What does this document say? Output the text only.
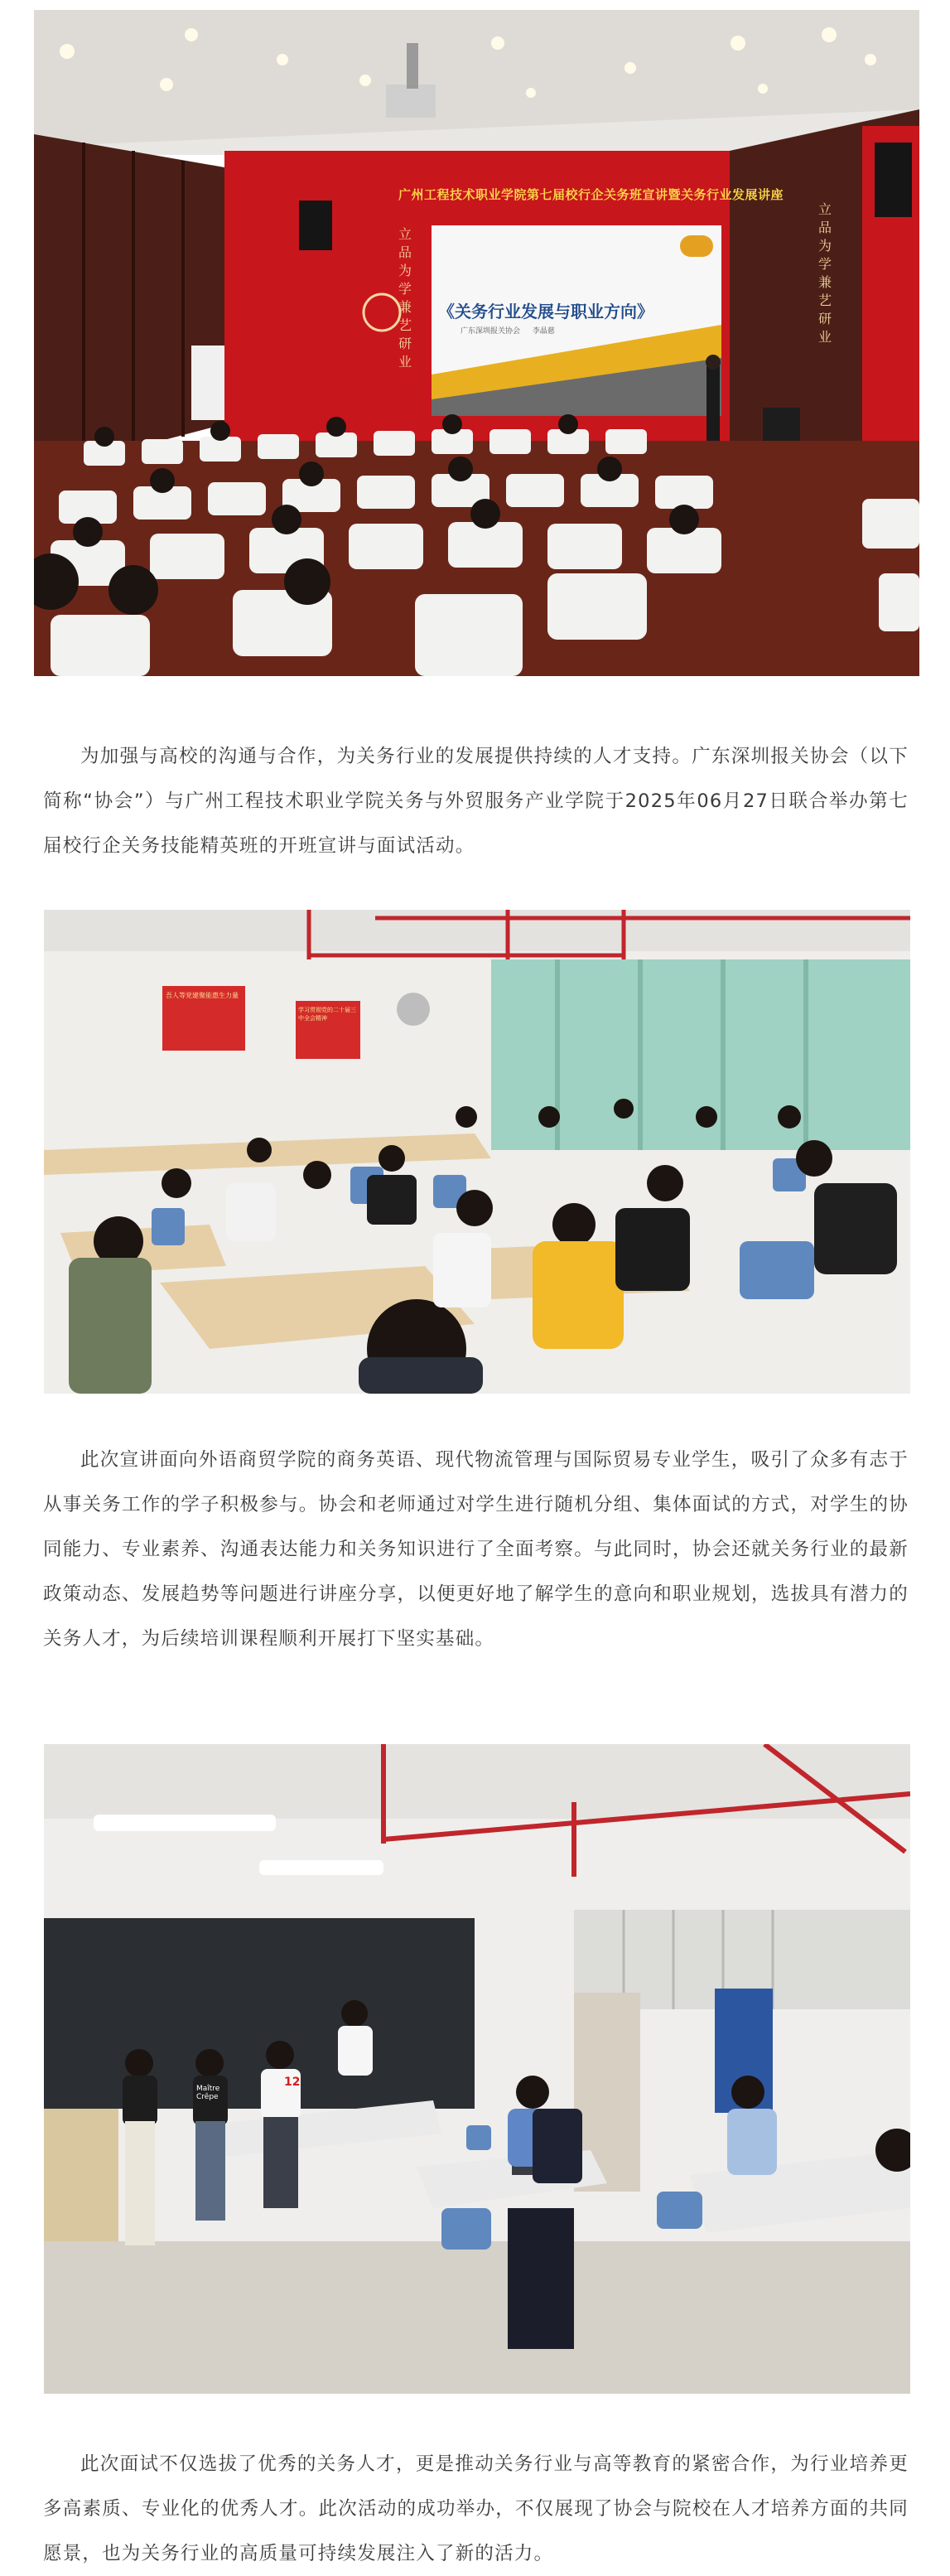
广州工程技术职业学院第七届校行企关务班宣讲暨关务行业发展讲座
立品为学 兼艺研业
立品为学 兼艺研业
《关务行业发展与职业方向》
广东深圳报关协会 李晶慈

为加强与高校的沟通与合作，为关务行业的发展提供持续的人才支持。广东深圳报关协会（以下简称“协会”）与广州工程技术职业学院关务与外贸服务产业学院于2025年06月27日联合举办第七届校行企关务技能精英班的开班宣讲与面试活动。

吾人等党建聚能惠生力量
学习贯彻党的二十届三中全会精神

此次宣讲面向外语商贸学院的商务英语、现代物流管理与国际贸易专业学生，吸引了众多有志于从事关务工作的学子积极参与。协会和老师通过对学生进行随机分组、集体面试的方式，对学生的协同能力、专业素养、沟通表达能力和关务知识进行了全面考察。与此同时，协会还就关务行业的最新政策动态、发展趋势等问题进行讲座分享，以便更好地了解学生的意向和职业规划，选拔具有潜力的关务人才，为后续培训课程顺利开展打下坚实基础。

Maître Crêpe
12

此次面试不仅选拔了优秀的关务人才，更是推动关务行业与高等教育的紧密合作，为行业培养更多高素质、专业化的优秀人才。此次活动的成功举办，不仅展现了协会与院校在人才培养方面的共同愿景，也为关务行业的高质量可持续发展注入了新的活力。
